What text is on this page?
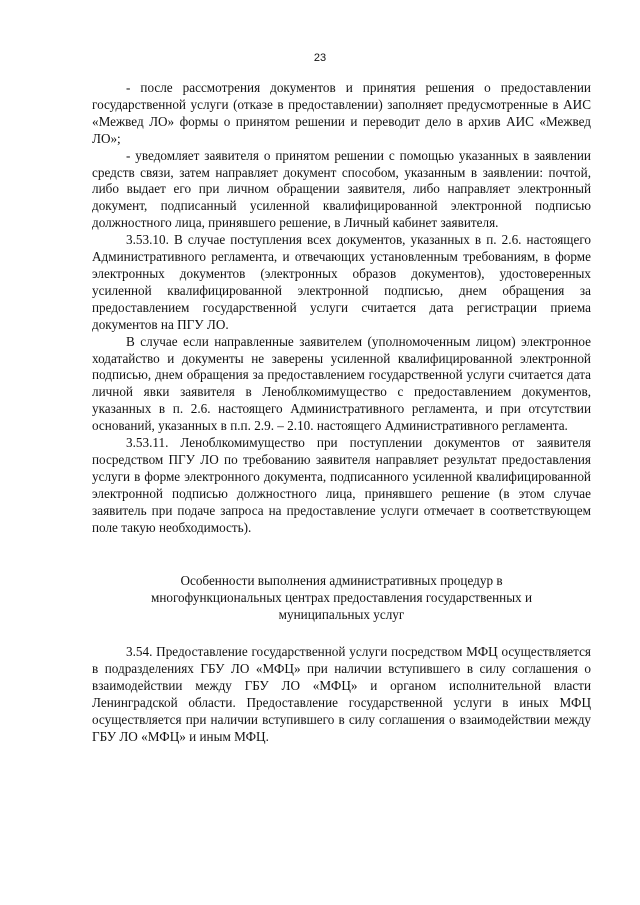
23

- после рассмотрения документов и принятия решения о предоставлении государственной услуги (отказе в предоставлении) заполняет предусмотренные в АИС «Межвед ЛО» формы о принятом решении и переводит дело в архив АИС «Межвед ЛО»;

- уведомляет заявителя о принятом решении с помощью указанных в заявлении средств связи, затем направляет документ способом, указанным в заявлении: почтой, либо выдает его при личном обращении заявителя, либо направляет электронный документ, подписанный усиленной квалифицированной электронной подписью должностного лица, принявшего решение, в Личный кабинет заявителя.

3.53.10. В случае поступления всех документов, указанных в п. 2.6. настоящего Административного регламента, и отвечающих установленным требованиям, в форме электронных документов (электронных образов документов), удостоверенных усиленной квалифицированной электронной подписью, днем обращения за предоставлением государственной услуги считается дата регистрации приема документов на ПГУ ЛО.

В случае если направленные заявителем (уполномоченным лицом) электронное ходатайство и документы не заверены усиленной квалифицированной электронной подписью, днем обращения за предоставлением государственной услуги считается дата личной явки заявителя в Леноблкомимущество с предоставлением документов, указанных в п. 2.6. настоящего Административного регламента, и при отсутствии оснований, указанных в п.п. 2.9. – 2.10. настоящего Административного регламента.

3.53.11. Леноблкомимущество при поступлении документов от заявителя посредством ПГУ ЛО по требованию заявителя направляет результат предоставления услуги в форме электронного документа, подписанного усиленной квалифицированной электронной подписью должностного лица, принявшего решение (в этом случае заявитель при подаче запроса на предоставление услуги отмечает в соответствующем поле такую необходимость).

Особенности выполнения административных процедур в
многофункциональных центрах предоставления государственных и
муниципальных услуг

3.54. Предоставление государственной услуги посредством МФЦ осуществляется в подразделениях ГБУ ЛО «МФЦ» при наличии вступившего в силу соглашения о взаимодействии между ГБУ ЛО «МФЦ» и органом исполнительной власти Ленинградской области. Предоставление государственной услуги в иных МФЦ осуществляется при наличии вступившего в силу соглашения о взаимодействии между ГБУ ЛО «МФЦ» и иным МФЦ.
